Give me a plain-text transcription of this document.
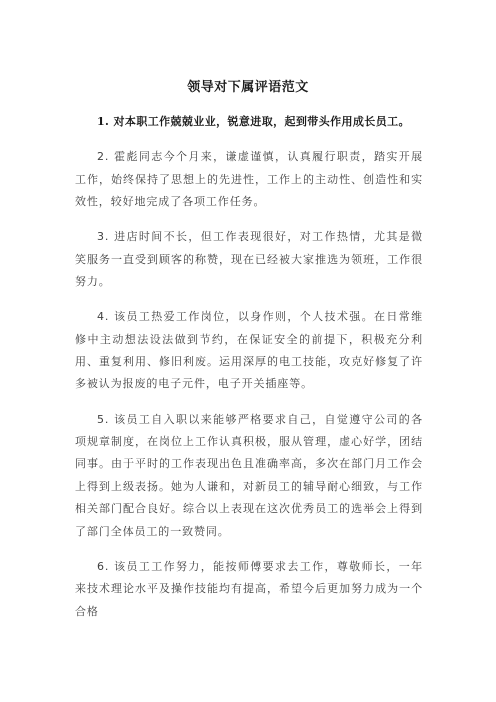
领导对下属评语范文

1. 对本职工作兢兢业业，锐意进取，起到带头作用成长员工。

2. 霍彪同志今个月来，谦虚谨慎，认真履行职责，踏实开展工作，始终保持了思想上的先进性，工作上的主动性、创造性和实效性，较好地完成了各项工作任务。

3. 进店时间不长，但工作表现很好，对工作热情，尤其是微笑服务一直受到顾客的称赞，现在已经被大家推选为领班，工作很努力。

4. 该员工热爱工作岗位，以身作则，个人技术强。在日常维修中主动想法设法做到节约，在保证安全的前提下，积极充分利用、重复利用、修旧利废。运用深厚的电工技能，攻克好修复了许多被认为报废的电子元件，电子开关插座等。

5. 该员工自入职以来能够严格要求自己，自觉遵守公司的各项规章制度，在岗位上工作认真积极，服从管理，虚心好学，团结同事。由于平时的工作表现出色且准确率高，多次在部门月工作会上得到上级表扬。她为人谦和，对新员工的辅导耐心细致，与工作相关部门配合良好。综合以上表现在这次优秀员工的选举会上得到了部门全体员工的一致赞同。

6. 该员工工作努力，能按师傅要求去工作，尊敬师长，一年来技术理论水平及操作技能均有提高，希望今后更加努力成为一个合格
